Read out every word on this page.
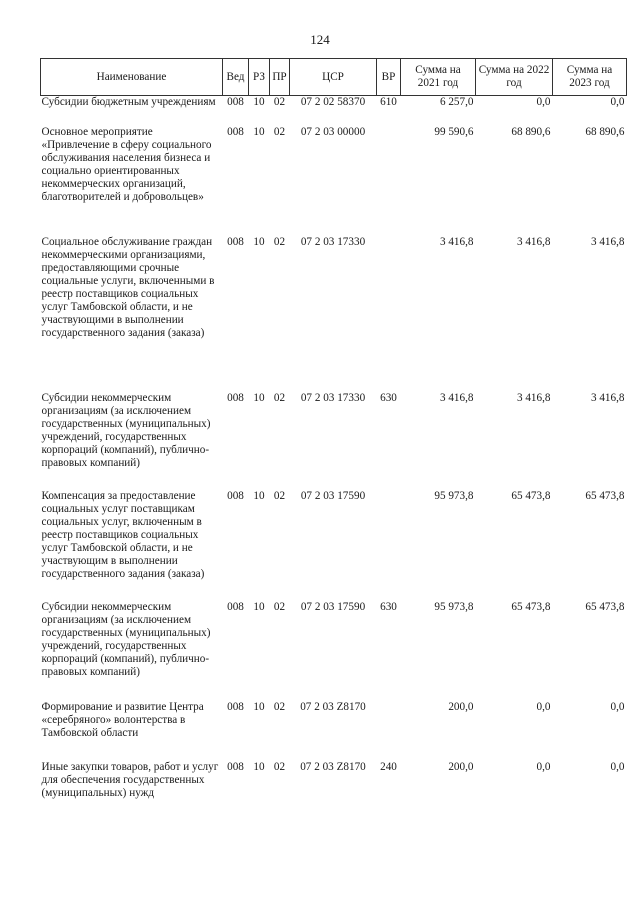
124
Наименование	Вед	РЗ	ПР	ЦСР	ВР	Сумма на 2021 год	Сумма на 2022 год	Сумма на 2023 год
Субсидии бюджетным учреждениям	008	10	02	07 2 02 58370	610	6 257,0	0,0	0,0
Основное мероприятие «Привлечение в сферу социального обслуживания населения бизнеса и социально ориентированных некоммерческих организаций, благотворителей и добровольцев»	008	10	02	07 2 03 00000		99 590,6	68 890,6	68 890,6
Социальное обслуживание граждан некоммерческими организациями, предоставляющими срочные социальные услуги, включенными в реестр поставщиков социальных услуг Тамбовской области, и не участвующими в выполнении государственного задания (заказа)	008	10	02	07 2 03 17330		3 416,8	3 416,8	3 416,8
Субсидии некоммерческим организациям (за исключением государственных (муниципальных) учреждений, государственных корпораций (компаний), публично-правовых компаний)	008	10	02	07 2 03 17330	630	3 416,8	3 416,8	3 416,8
Компенсация за предоставление социальных услуг поставщикам социальных услуг, включенным в реестр поставщиков социальных услуг Тамбовской области, и не участвующим в выполнении государственного задания (заказа)	008	10	02	07 2 03 17590		95 973,8	65 473,8	65 473,8
Субсидии некоммерческим организациям (за исключением государственных (муниципальных) учреждений, государственных корпораций (компаний), публично-правовых компаний)	008	10	02	07 2 03 17590	630	95 973,8	65 473,8	65 473,8
Формирование и развитие Центра «серебряного» волонтерства в Тамбовской области	008	10	02	07 2 03 Z8170		200,0	0,0	0,0
Иные закупки товаров, работ и услуг для обеспечения государственных (муниципальных) нужд	008	10	02	07 2 03 Z8170	240	200,0	0,0	0,0
